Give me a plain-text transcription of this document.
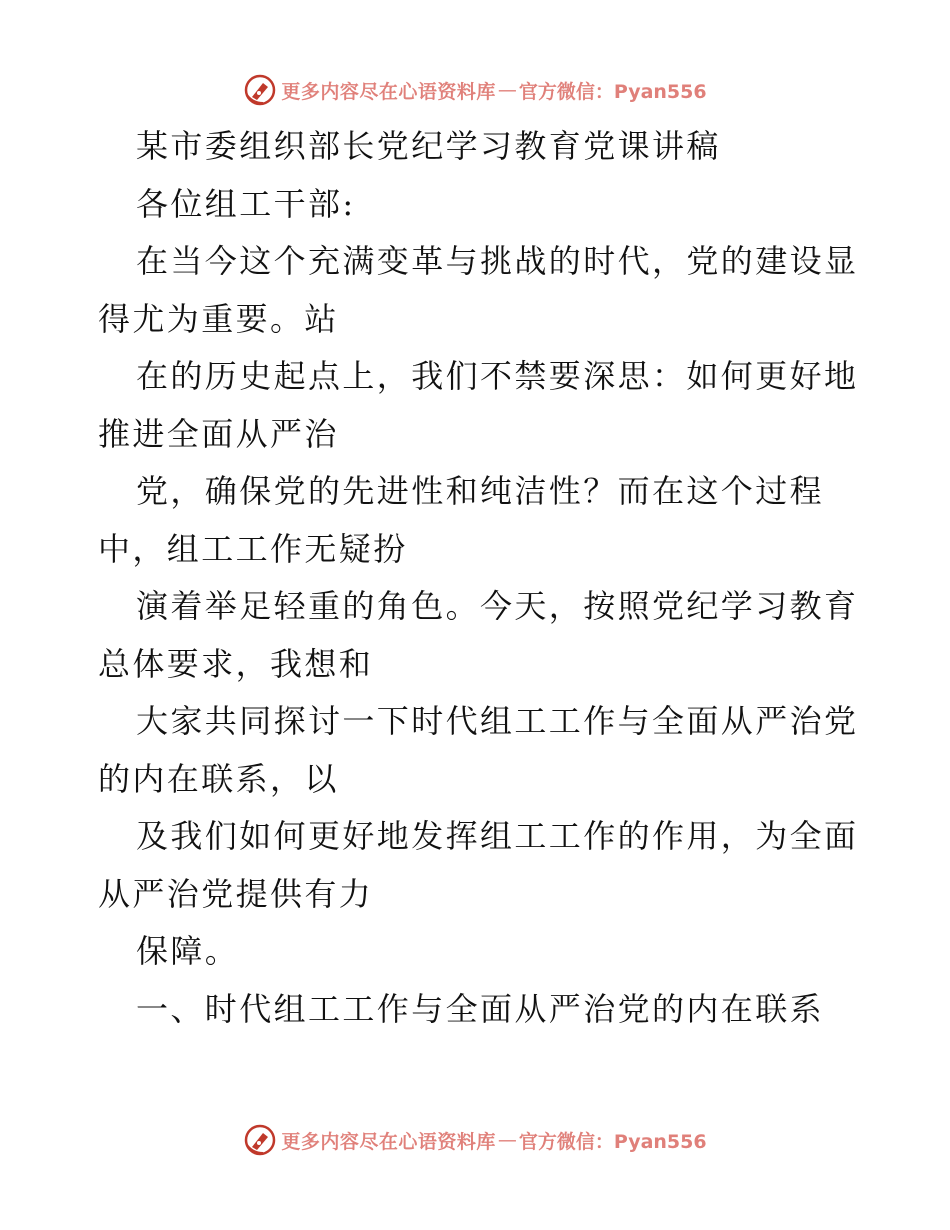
更多内容尽在心语资料库 — 官方微信：Pyan556
某市委组织部长党纪学习教育党课讲稿
各位组工干部:
在当今这个充满变革与挑战的时代，党的建设显
得尤为重要。站
在的历史起点上，我们不禁要深思：如何更好地
推进全面从严治
党，确保党的先进性和纯洁性？而在这个过程
中，组工工作无疑扮
演着举足轻重的角色。今天，按照党纪学习教育
总体要求，我想和
大家共同探讨一下时代组工工作与全面从严治党
的内在联系，以
及我们如何更好地发挥组工工作的作用，为全面
从严治党提供有力
保障。
一、时代组工工作与全面从严治党的内在联系
更多内容尽在心语资料库 — 官方微信：Pyan556
